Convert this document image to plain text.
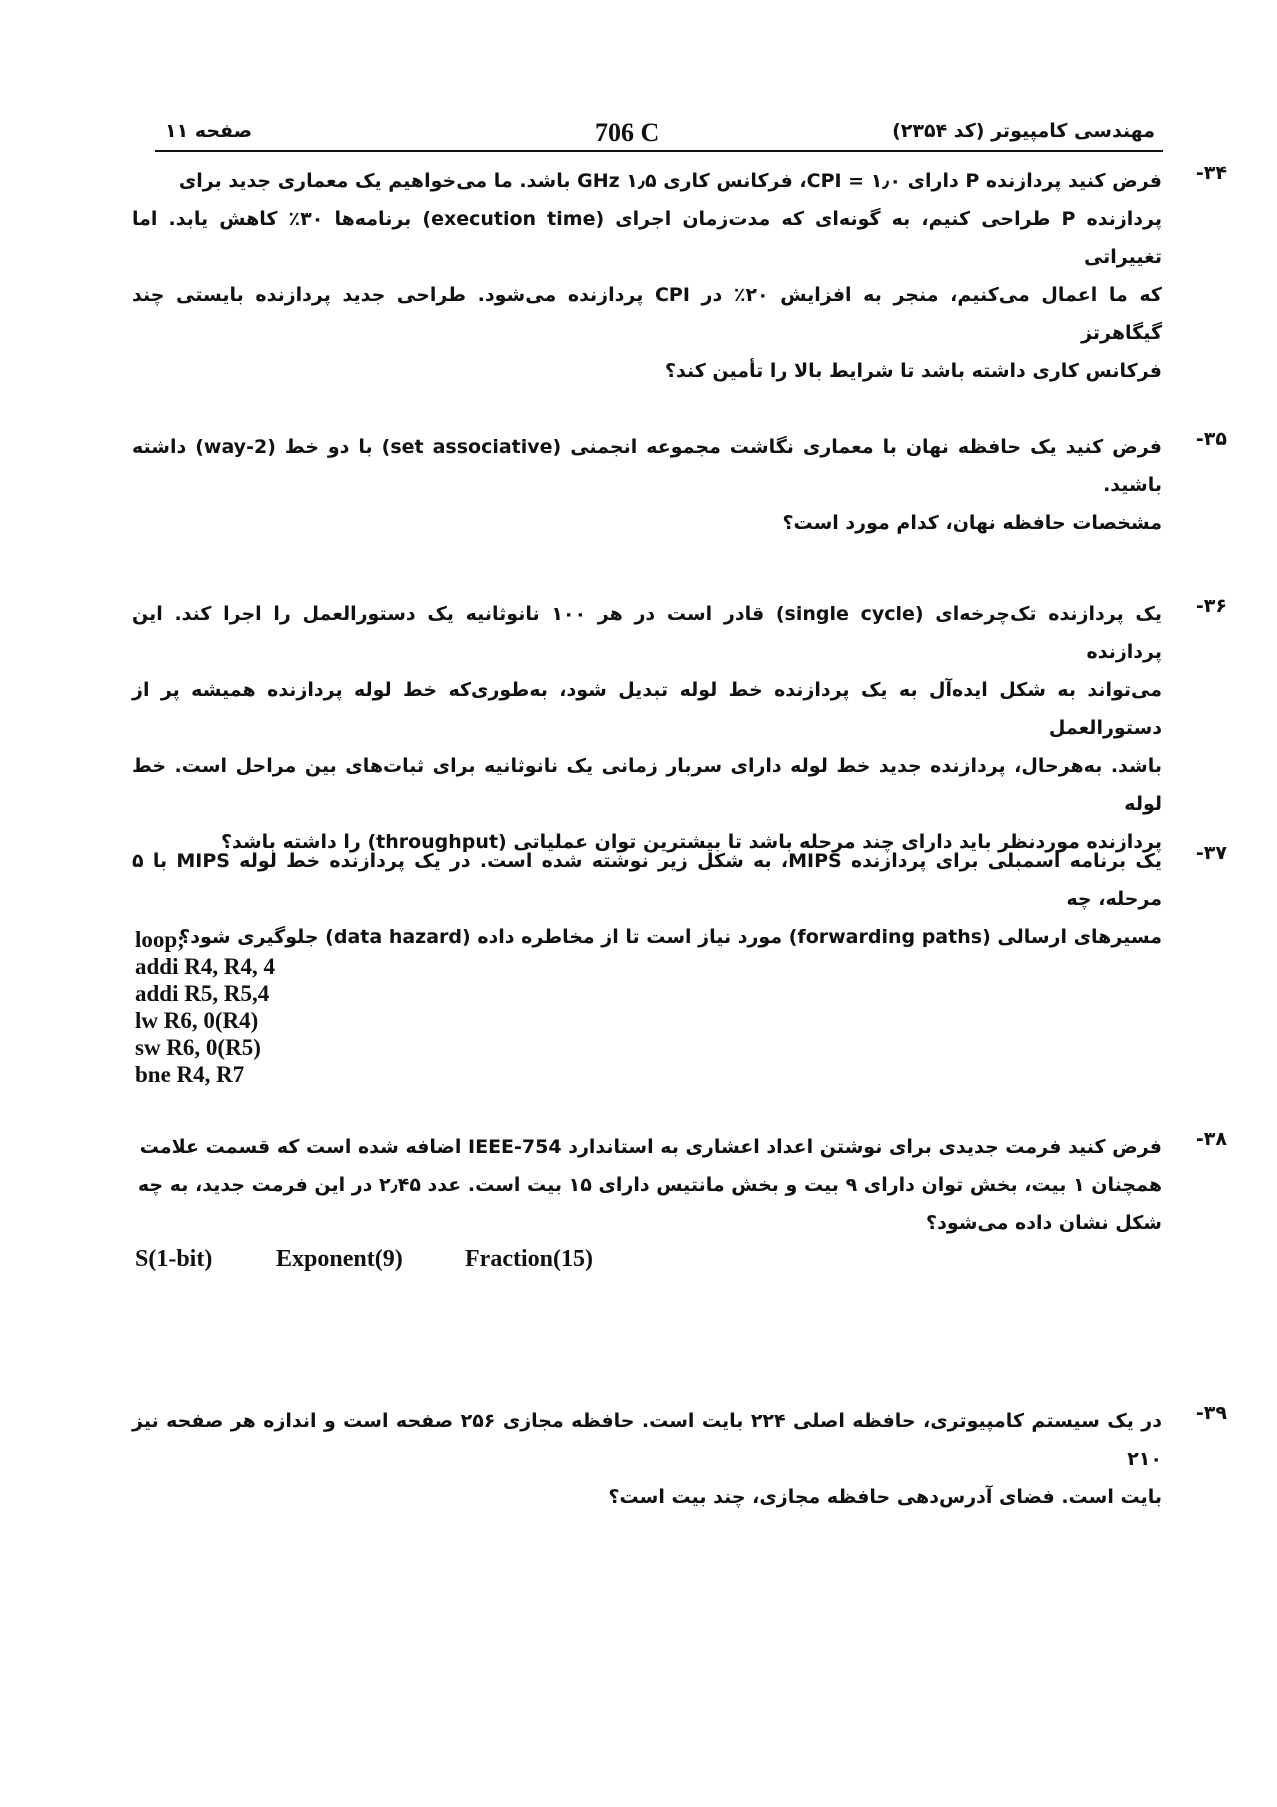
مهندسی کامپیوتر (کد ۲۳۵۴)
706 C
صفحه ۱۱
۳۴-
فرض کنید پردازنده P دارای CPI = ۱٫۰، فرکانس کاری ۱٫۵ GHz باشد. ما می‌خواهیم یک معماری جدید برای
پردازنده P طراحی کنیم، به گونه‌ای که مدت‌زمان اجرای (execution time) برنامه‌ها ۳۰٪ کاهش یابد. اما تغییراتی
که ما اعمال می‌کنیم، منجر به افزایش ۲۰٪ در CPI پردازنده می‌شود. طراحی جدید پردازنده بایستی چند گیگاهرتز
فرکانس کاری داشته باشد تا شرایط بالا را تأمین کند؟
۳۵-
فرض کنید یک حافظه نهان با معماری نگاشت مجموعه انجمنی (set associative) با دو خط (2-way) داشته باشید.
مشخصات حافظه نهان، کدام مورد است؟
۳۶-
یک پردازنده تک‌چرخه‌ای (single cycle) قادر است در هر ۱۰۰ نانوثانیه یک دستورالعمل را اجرا کند. این پردازنده
می‌تواند به شکل ایده‌آل به یک پردازنده خط لوله تبدیل شود، به‌طوری‌که خط لوله پردازنده همیشه پر از دستورالعمل
باشد. به‌هرحال، پردازنده جدید خط لوله دارای سربار زمانی یک نانوثانیه برای ثبات‌های بین مراحل است. خط لوله
پردازنده موردنظر باید دارای چند مرحله باشد تا بیشترین توان عملیاتی (throughput) را داشته باشد؟ ۳۷-
یک برنامه اسمبلی برای پردازنده MIPS، به شکل زیر نوشته شده است. در یک پردازنده خط لوله MIPS با ۵ مرحله، چه
مسیرهای ارسالی (forwarding paths) مورد نیاز است تا از مخاطره داده (data hazard) جلوگیری شود؟
loop;
addi R4, R4, 4
addi R5, R5,4
lw R6, 0(R4)
sw R6, 0(R5)
bne R4, R7
۳۸-
فرض کنید فرمت جدیدی برای نوشتن اعداد اعشاری به استاندارد IEEE-754 اضافه شده است که قسمت علامت
همچنان ۱ بیت، بخش توان دارای ۹ بیت و بخش مانتیس دارای ۱۵ بیت است. عدد ۲٫۴۵ در این فرمت جدید، به چه
شکل نشان داده می‌شود؟
S(1-bit)	Exponent(9)	Fraction(15)
۳۹-
در یک سیستم کامپیوتری، حافظه اصلی ۲۲۴ بایت است. حافظه مجازی ۲۵۶ صفحه است و اندازه هر صفحه نیز ۲۱۰
بایت است. فضای آدرس‌دهی حافظه مجازی، چند بیت است؟
